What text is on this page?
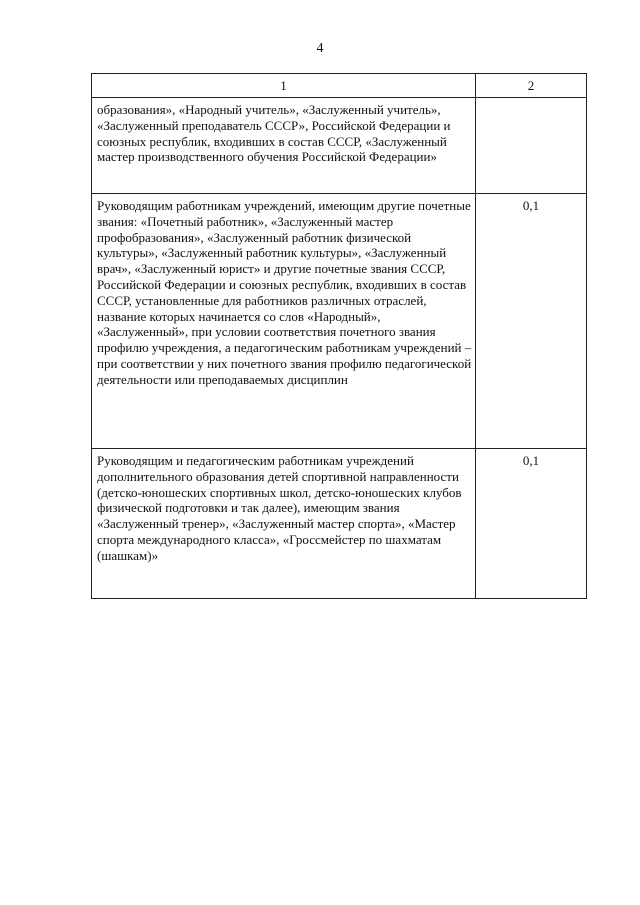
4
1	2
образования», «Народный учитель», «Заслуженный учитель», «Заслуженный преподаватель СССР», Российской Федерации и союзных республик, входивших в состав СССР, «Заслуженный мастер производственного обучения Российской Федерации»	
Руководящим работникам учреждений, имеющим другие почетные звания: «Почетный работник», «Заслуженный мастер профобразования», «Заслуженный работник физической культуры», «Заслуженный работник культуры», «Заслуженный врач», «Заслуженный юрист» и другие почетные звания СССР, Российской Федерации и союзных республик, входивших в состав СССР, установленные для работников различных отраслей, название которых начинается со слов «Народный», «Заслуженный», при условии соответствия почетного звания профилю учреждения, а педагогическим работникам учреждений – при соответствии у них почетного звания профилю педагогической деятельности или преподаваемых дисциплин	0,1
Руководящим и педагогическим работникам учреждений дополнительного образования детей спортивной направленности (детско-юношеских спортивных школ, детско-юношеских клубов физической подготовки и так далее), имеющим звания «Заслуженный тренер», «Заслуженный мастер спорта», «Мастер спорта международного класса», «Гроссмейстер по шахматам (шашкам)»	0,1
